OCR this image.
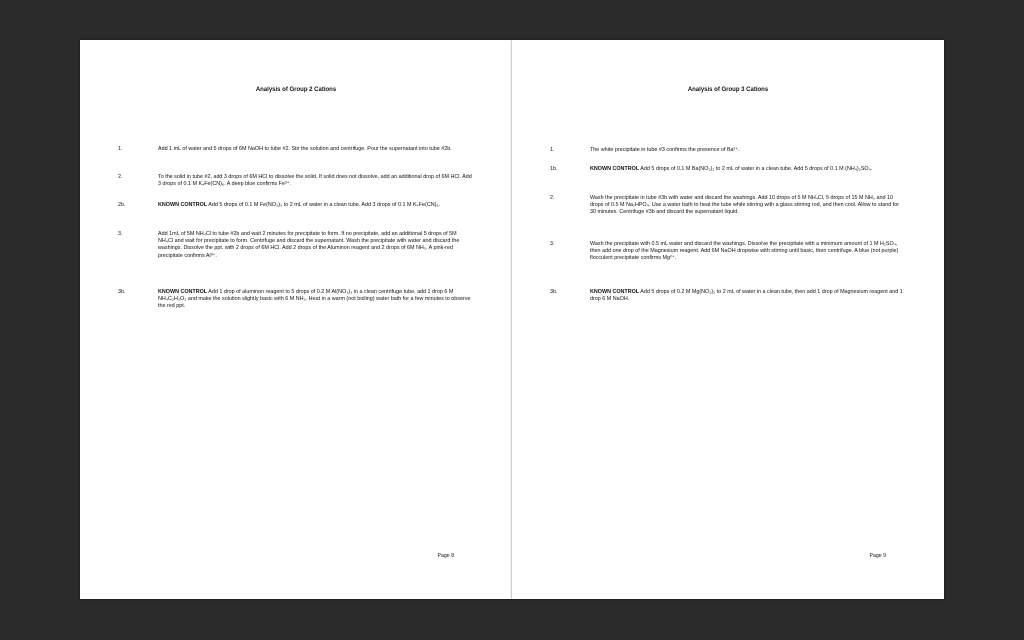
Analysis of Group 2 Cations
1.	Add 1 mL of water and 5 drops of 6M NaOH to tube #2. Stir the solution and centrifuge. Pour the supernatant into tube #2b.
2.	To the solid in tube #2, add 3 drops of 6M HCl to dissolve the solid. If solid does not dissolve, add an additional drop of 6M HCl. Add 3 drops of 0.1 M K₄Fe(CN)₆. A deep blue confirms Fe³⁺.
2b.	KNOWN CONTROL Add 5 drops of 0.1 M Fe(NO₃)₃ to 2 mL of water in a clean tube. Add 3 drops of 0.1 M K₄Fe(CN)₆.
3.	Add 1mL of 5M NH₄Cl to tube #2b and wait 2 minutes for precipitate to form. If no precipitate, add an additional 5 drops of 5M NH₄Cl and wait for precipitate to form. Centrifuge and discard the supernatant. Wash the precipitate with water and discard the washings. Dissolve the ppt. with 2 drops of 6M HCl. Add 2 drops of the Aluminon reagent and 2 drops of 6M NH₃. A pink-red precipitate confirms Al³⁺.
3b.	KNOWN CONTROL Add 1 drop of aluminon reagent to 5 drops of 0.2 M Al(NO₃)₃ in a clean centrifuge tube, add 1 drop 6 M NH₄C₂H₃O₂ and make the solution slightly basic with 6 M NH₃. Heat in a warm (not boiling) water bath for a few minutes to observe the red ppt.
Page 8
Analysis of Group 3 Cations
1.	The white precipitate in tube #3 confirms the presence of Ba²⁺.
1b.	KNOWN CONTROL Add 5 drops of 0.1 M Ba(NO₃)₂ to 2 mL of water in a clean tube. Add 5 drops of 0.1 M (NH₄)₂SO₄.
2.	Wash the precipitate in tube #3b with water and discard the washings. Add 10 drops of 5 M NH₄Cl, 5 drops of 15 M NH₃ and 10 drops of 0.5 M Na₂HPO₄. Use a water bath to heat the tube while stirring with a glass stirring rod, and then cool. Allow to stand for 30 minutes. Centrifuge #3b and discard the supernatant liquid.
3.	Wash the precipitate with 0.5 mL water and discard the washings. Dissolve the precipitate with a minimum amount of 1 M H₂SO₄, then add one drop of the Magnesium reagent. Add 6M NaOH dropwise with stirring until basic, then centrifuge. A blue (not purple) flocculent precipitate confirms Mg²⁺.
3b.	KNOWN CONTROL Add 5 drops of 0.2 M Mg(NO₃)₂ to 2 mL of water in a clean tube, then add 1 drop of Magnesium reagent and 1 drop 6 M NaOH.
Page 9
